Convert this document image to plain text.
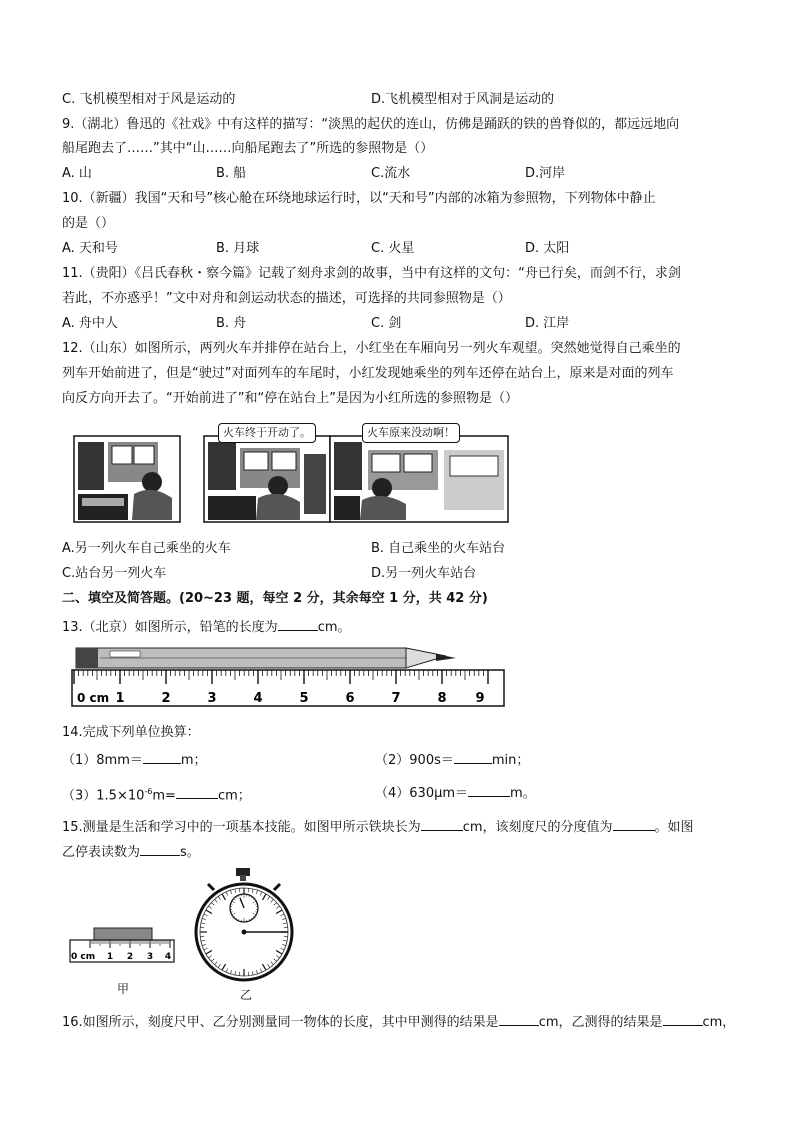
C. 飞机模型相对于风是运动的	D.飞机模型相对于风洞是运动的
9.（湖北）鲁迅的《社戏》中有这样的描写：“淡黑的起伏的连山，仿佛是踊跃的铁的兽脊似的，都远远地向
船尾跑去了……”其中“山……向船尾跑去了”所选的参照物是（）
A. 山	B. 船	C.流水	D.河岸
10.（新疆）我国“天和号”核心舱在环绕地球运行时，以“天和号”内部的冰箱为参照物，下列物体中静止
的是（）
A. 天和号	B. 月球	C. 火星	D. 太阳
11.（贵阳）《吕氏春秋・察今篇》记载了刻舟求剑的故事，当中有这样的文句：“舟已行矣，而剑不行，求剑
若此，不亦惑乎！”文中对舟和剑运动状态的描述，可选择的共同参照物是（）
A. 舟中人	B. 舟	C. 剑	D. 江岸
12.（山东）如图所示，两列火车并排停在站台上，小红坐在车厢向另一列火车观望。突然她觉得自己乘坐的
列车开始前进了，但是“驶过”对面列车的车尾时，小红发现她乘坐的列车还停在站台上，原来是对面的列车
向反方向开去了。“开始前进了”和“停在站台上”是因为小红所选的参照物是（）
火车终于开动了。	火车原来没动啊！
A.另一列火车自己乘坐的火车	B. 自己乘坐的火车站台
C.站台另一列火车	D.另一列火车站台
二、填空及简答题。(20~23 题，每空 2 分，其余每空 1 分，共 42 分)
13.（北京）如图所示，铅笔的长度为	cm。
0 cm 1	2	3	4	5	6	7	8 9
14.完成下列单位换算：
（1）8mm＝	m；	（2）900s＝	min；
$(3)1.5\times 10^{-6}m=$	cm；	（4）630μm＝	m。
15.测量是生活和学习中的一项基本技能。如图甲所示铁块长为	cm，该刻度尺的分度值为	。如图
乙停表读数为	s。
0 cm 1 2 3 4
甲	乙
16.如图所示，刻度尺甲、乙分别测量同一物体的长度，其中甲测得的结果是	cm，乙测得的结果是	cm，
